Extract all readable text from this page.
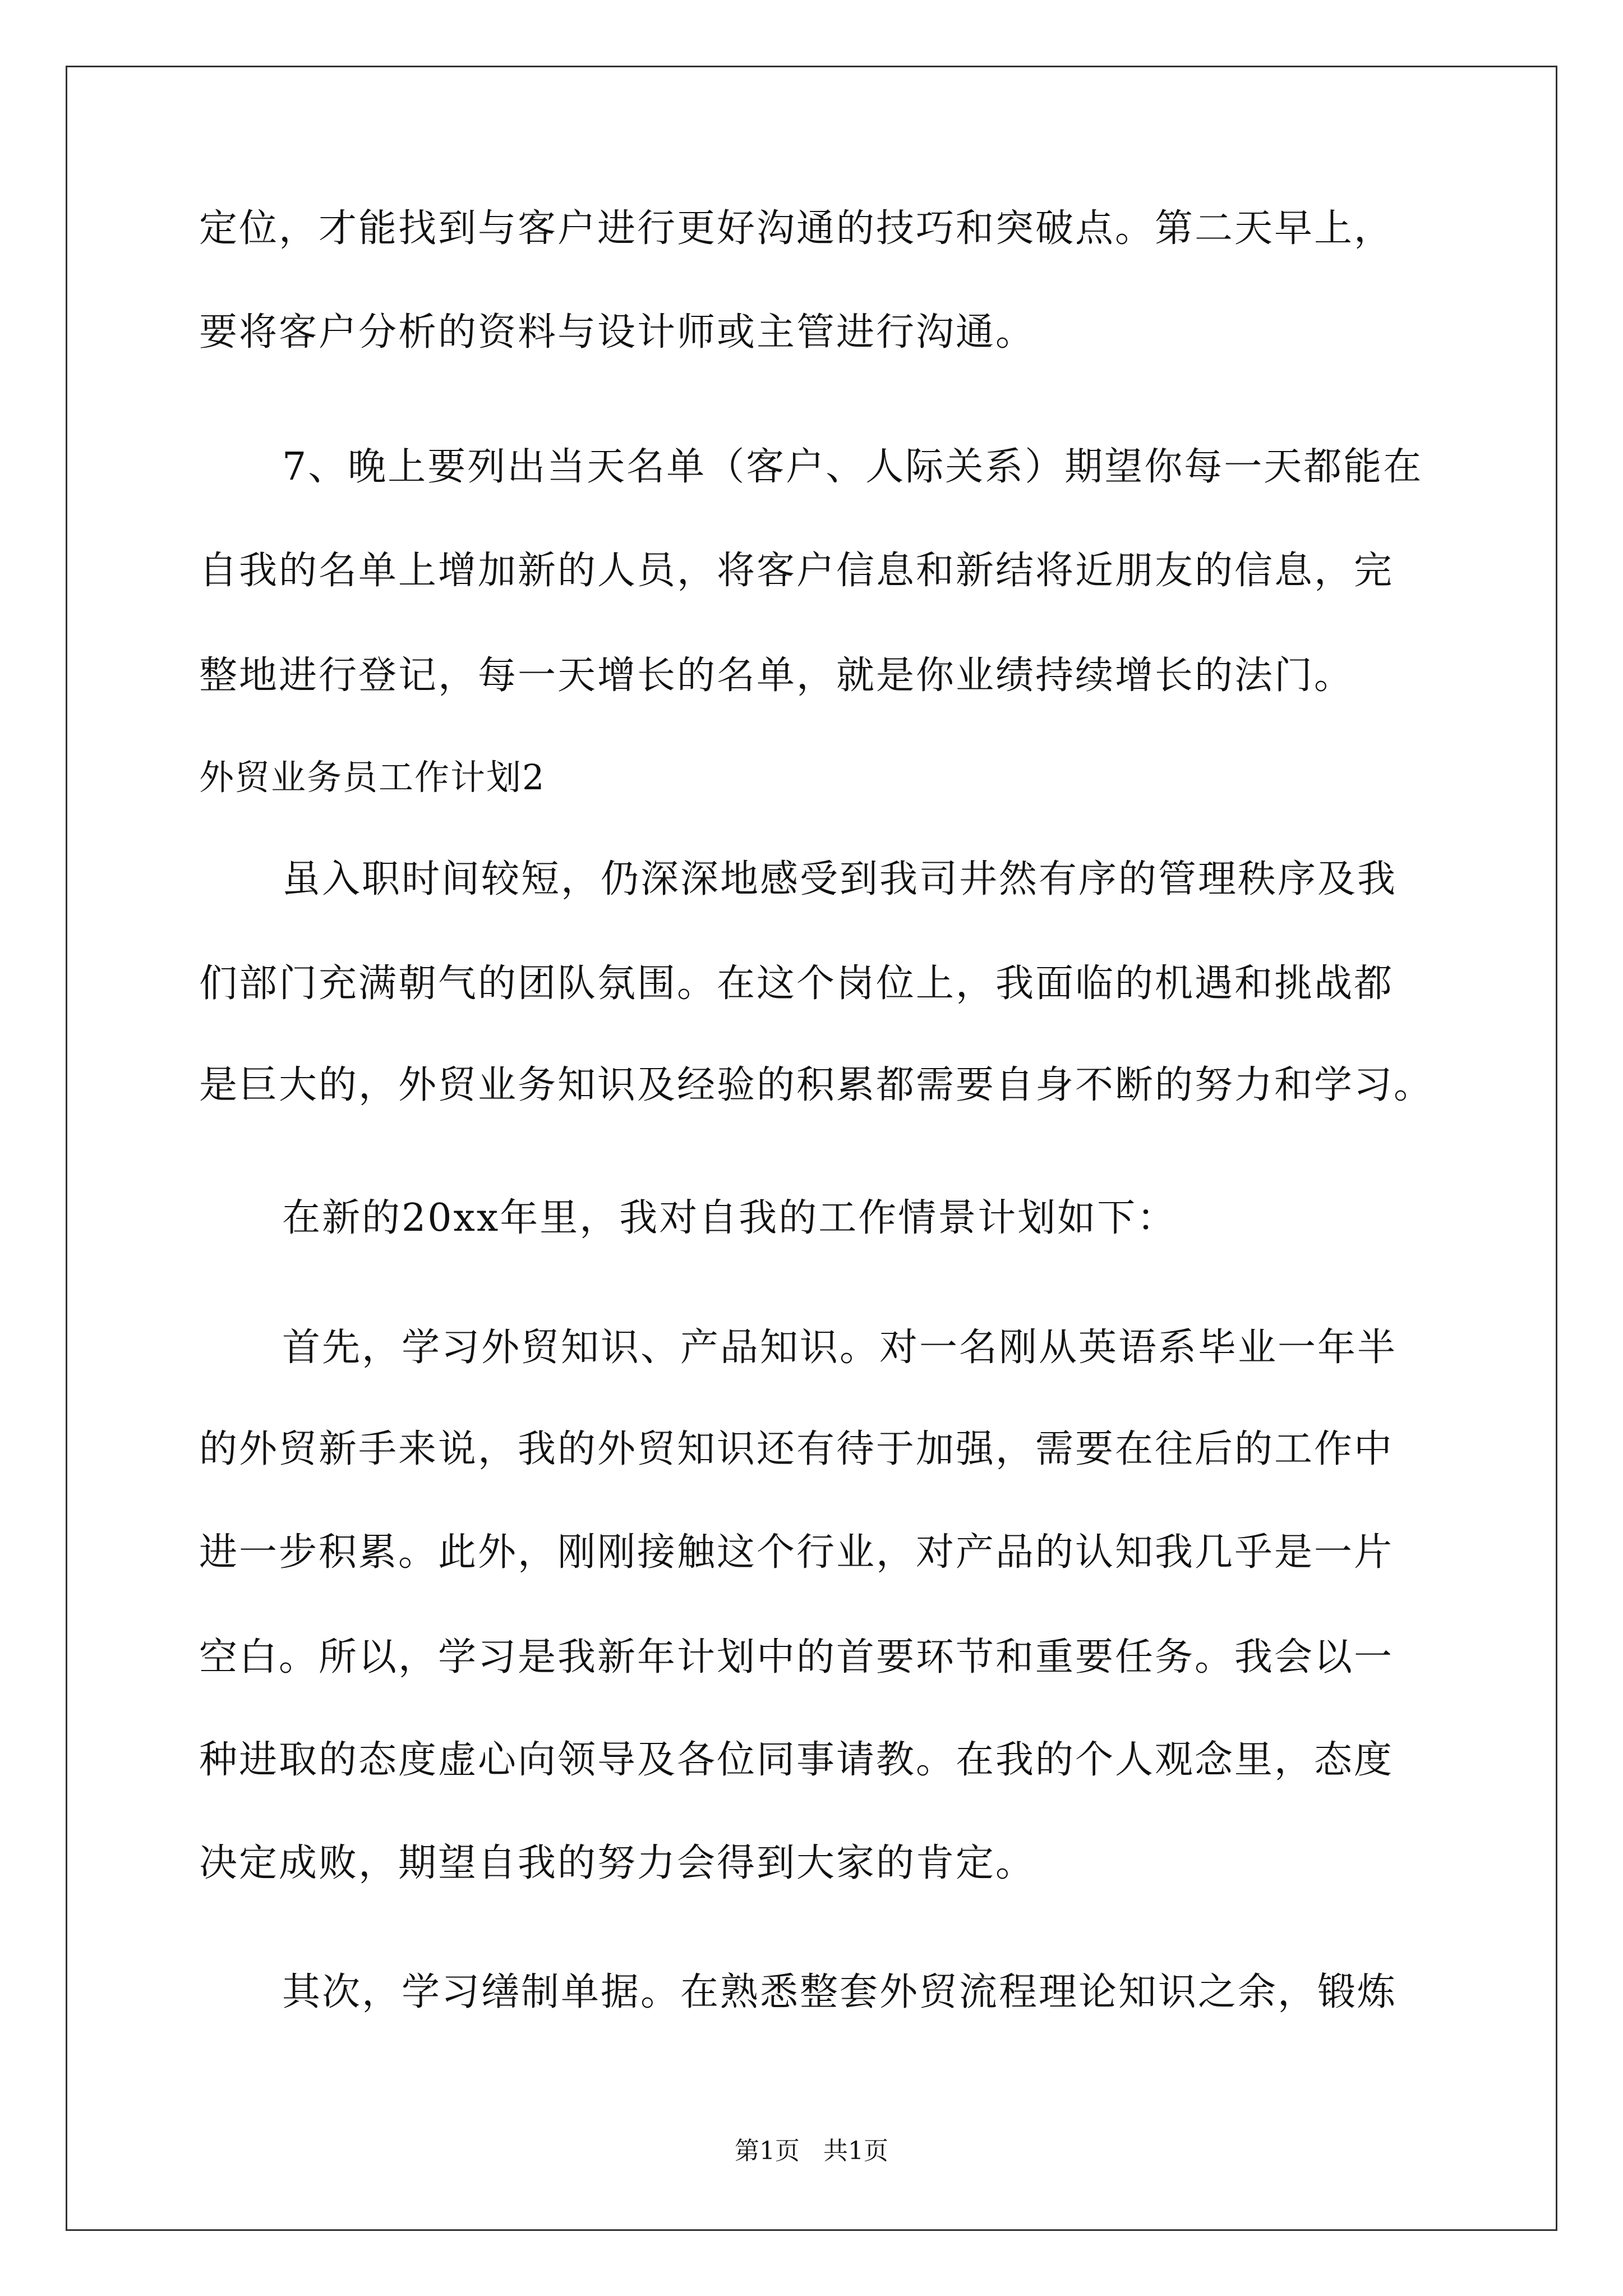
定位，才能找到与客户进行更好沟通的技巧和突破点。第二天早上，
要将客户分析的资料与设计师或主管进行沟通。
7、晚上要列出当天名单（客户、人际关系）期望你每一天都能在
自我的名单上增加新的人员，将客户信息和新结将近朋友的信息，完
整地进行登记，每一天增长的名单，就是你业绩持续增长的法门。
外贸业务员工作计划2
虽入职时间较短，仍深深地感受到我司井然有序的管理秩序及我
们部门充满朝气的团队氛围。在这个岗位上，我面临的机遇和挑战都
是巨大的，外贸业务知识及经验的积累都需要自身不断的努力和学习。
在新的20xx年里，我对自我的工作情景计划如下：
首先，学习外贸知识、产品知识。对一名刚从英语系毕业一年半
的外贸新手来说，我的外贸知识还有待于加强，需要在往后的工作中
进一步积累。此外，刚刚接触这个行业，对产品的认知我几乎是一片
空白。所以，学习是我新年计划中的首要环节和重要任务。我会以一
种进取的态度虚心向领导及各位同事请教。在我的个人观念里，态度
决定成败，期望自我的努力会得到大家的肯定。
其次，学习缮制单据。在熟悉整套外贸流程理论知识之余，锻炼
第1页 共1页
